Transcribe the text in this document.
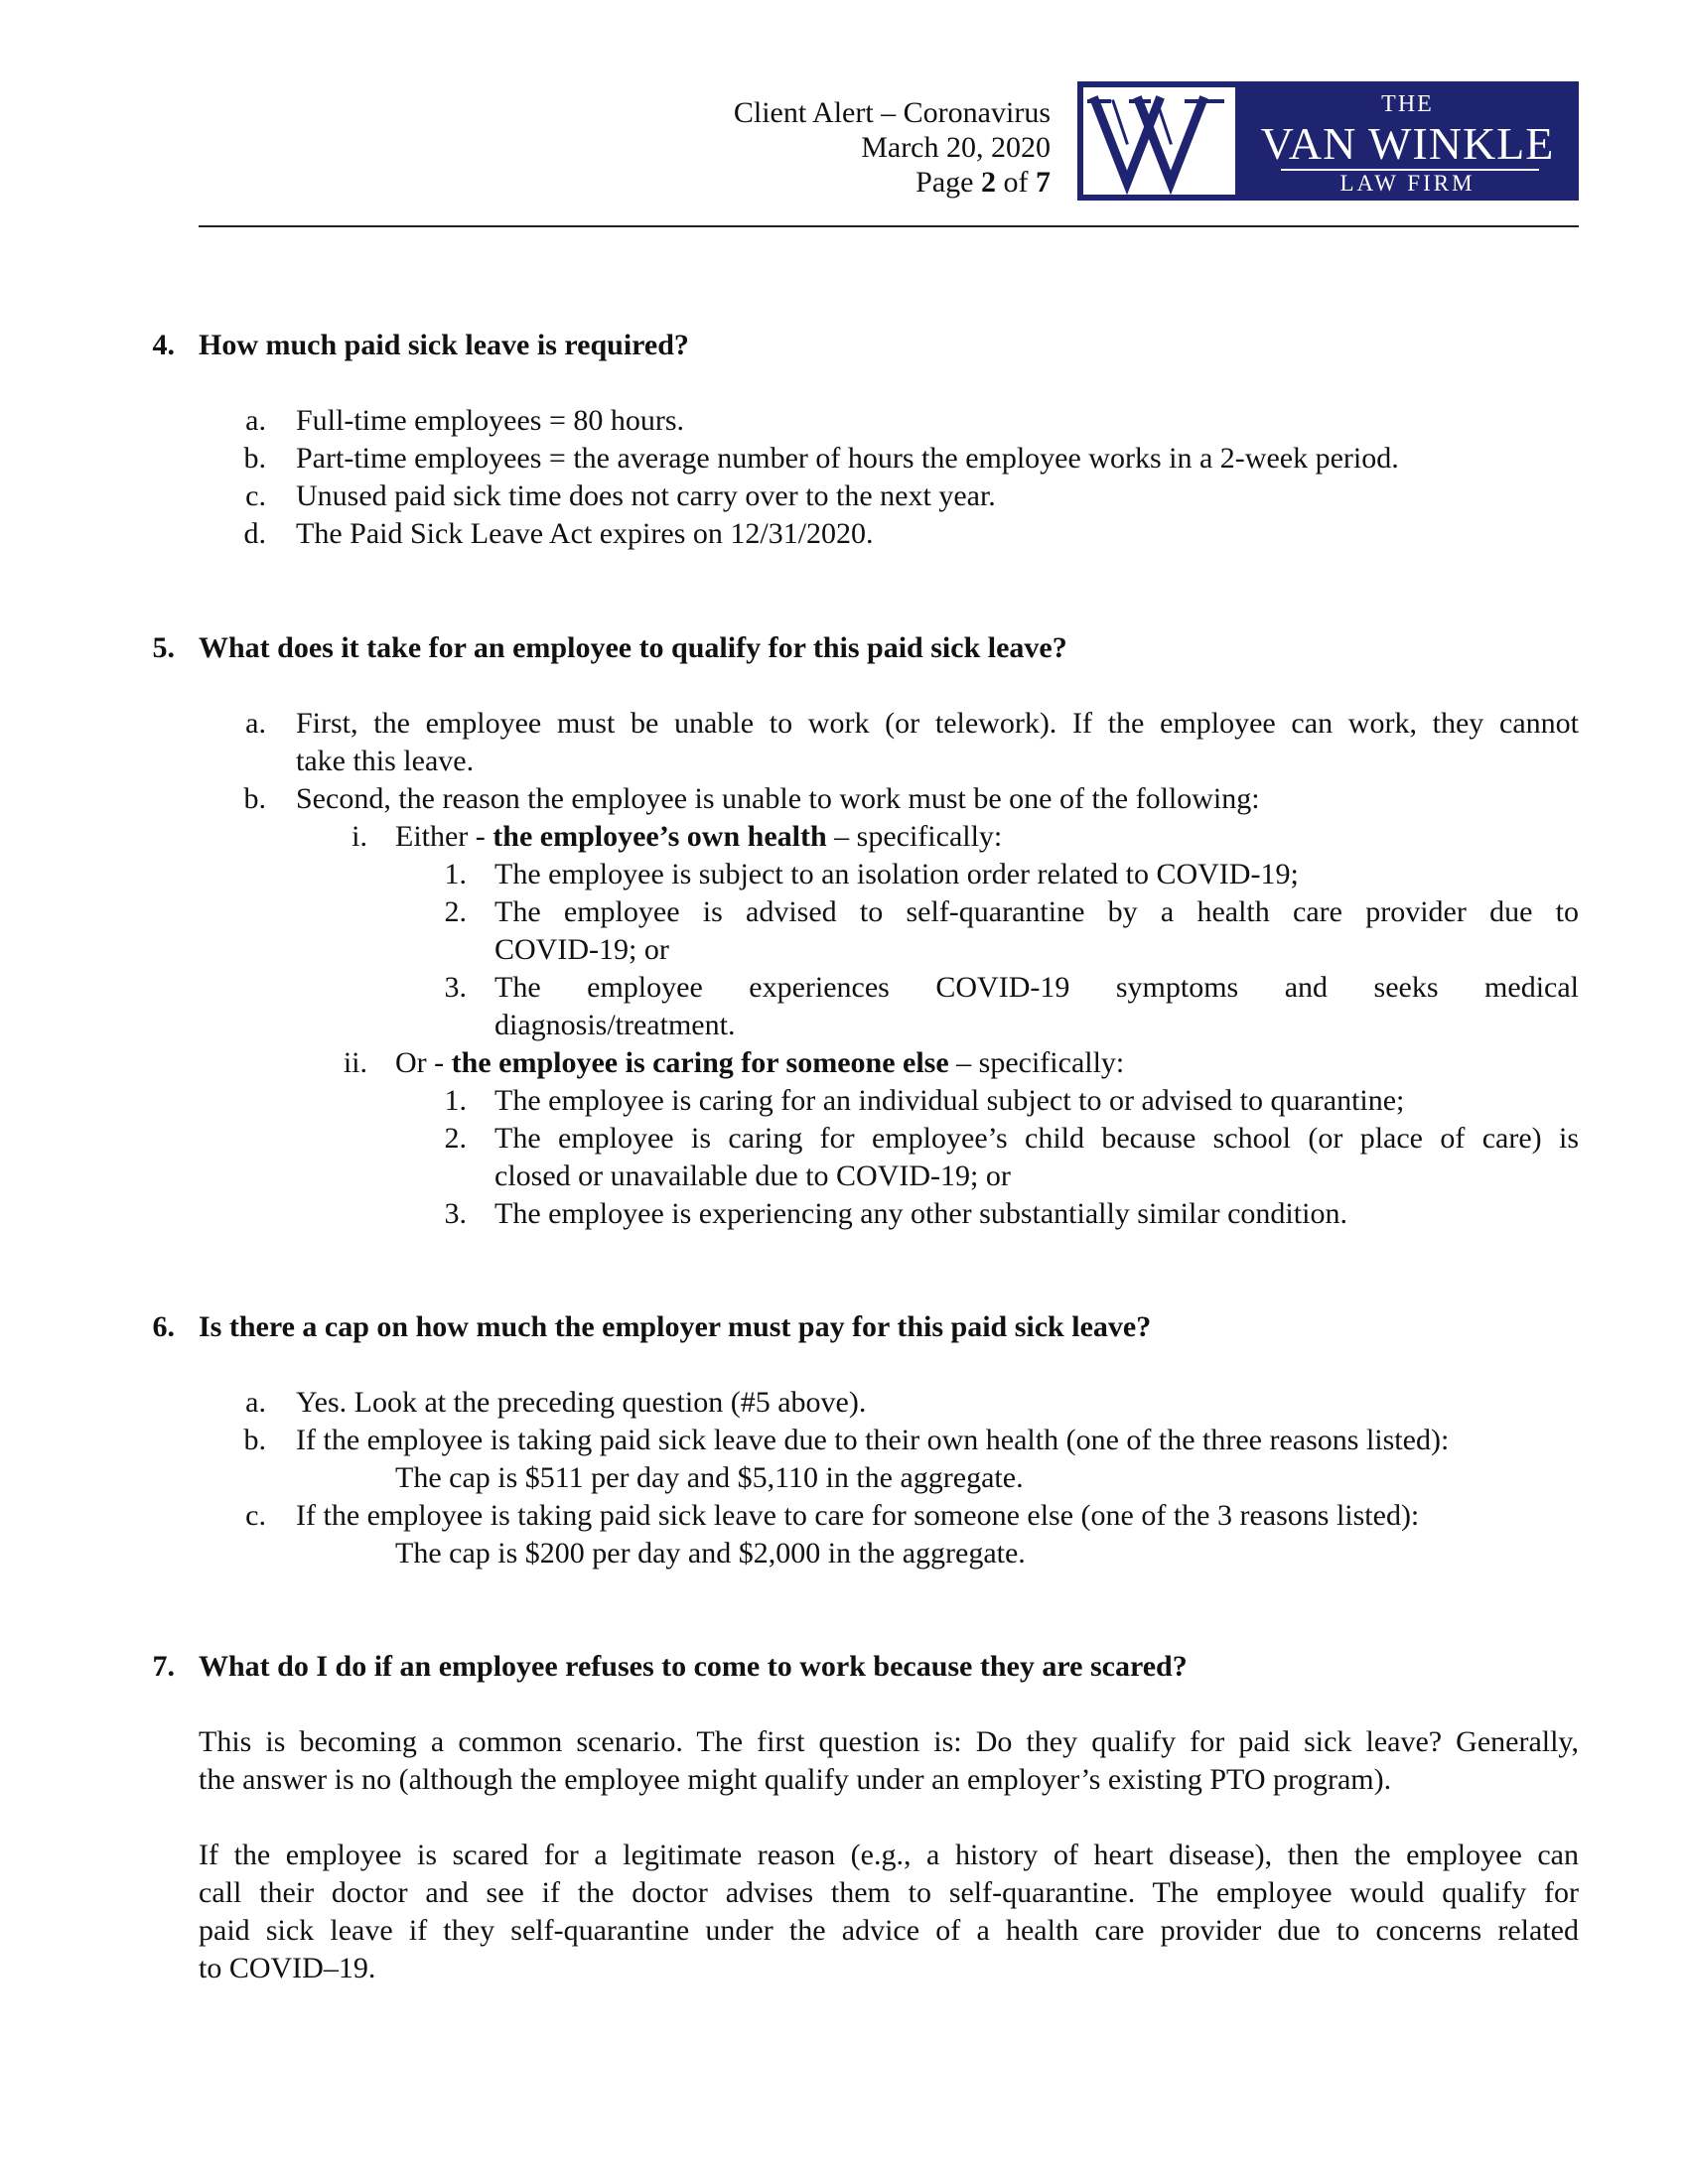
Client Alert – Coronavirus
March 20, 2020
Page 2 of 7
THE
VAN WINKLE
LAW FIRM
4. How much paid sick leave is required?
a. Full-time employees = 80 hours.
b. Part-time employees = the average number of hours the employee works in a 2-week period.
c. Unused paid sick time does not carry over to the next year.
d. The Paid Sick Leave Act expires on 12/31/2020.
5. What does it take for an employee to qualify for this paid sick leave?
a. First, the employee must be unable to work (or telework). If the employee can work, they cannot
take this leave.
b. Second, the reason the employee is unable to work must be one of the following:
i. Either - the employee’s own health – specifically:
1. The employee is subject to an isolation order related to COVID-19;
2. The employee is advised to self-quarantine by a health care provider due to
COVID-19; or
3. The employee experiences COVID-19 symptoms and seeks medical
diagnosis/treatment.
ii. Or - the employee is caring for someone else – specifically:
1. The employee is caring for an individual subject to or advised to quarantine;
2. The employee is caring for employee’s child because school (or place of care) is
closed or unavailable due to COVID-19; or
3. The employee is experiencing any other substantially similar condition.
6. Is there a cap on how much the employer must pay for this paid sick leave?
a. Yes. Look at the preceding question (#5 above).
b. If the employee is taking paid sick leave due to their own health (one of the three reasons listed):
The cap is $511 per day and $5,110 in the aggregate.
c. If the employee is taking paid sick leave to care for someone else (one of the 3 reasons listed):
The cap is $200 per day and $2,000 in the aggregate.
7. What do I do if an employee refuses to come to work because they are scared?
This is becoming a common scenario. The first question is: Do they qualify for paid sick leave? Generally,
the answer is no (although the employee might qualify under an employer’s existing PTO program).
If the employee is scared for a legitimate reason (e.g., a history of heart disease), then the employee can
call their doctor and see if the doctor advises them to self-quarantine. The employee would qualify for
paid sick leave if they self-quarantine under the advice of a health care provider due to concerns related
to COVID–19.
